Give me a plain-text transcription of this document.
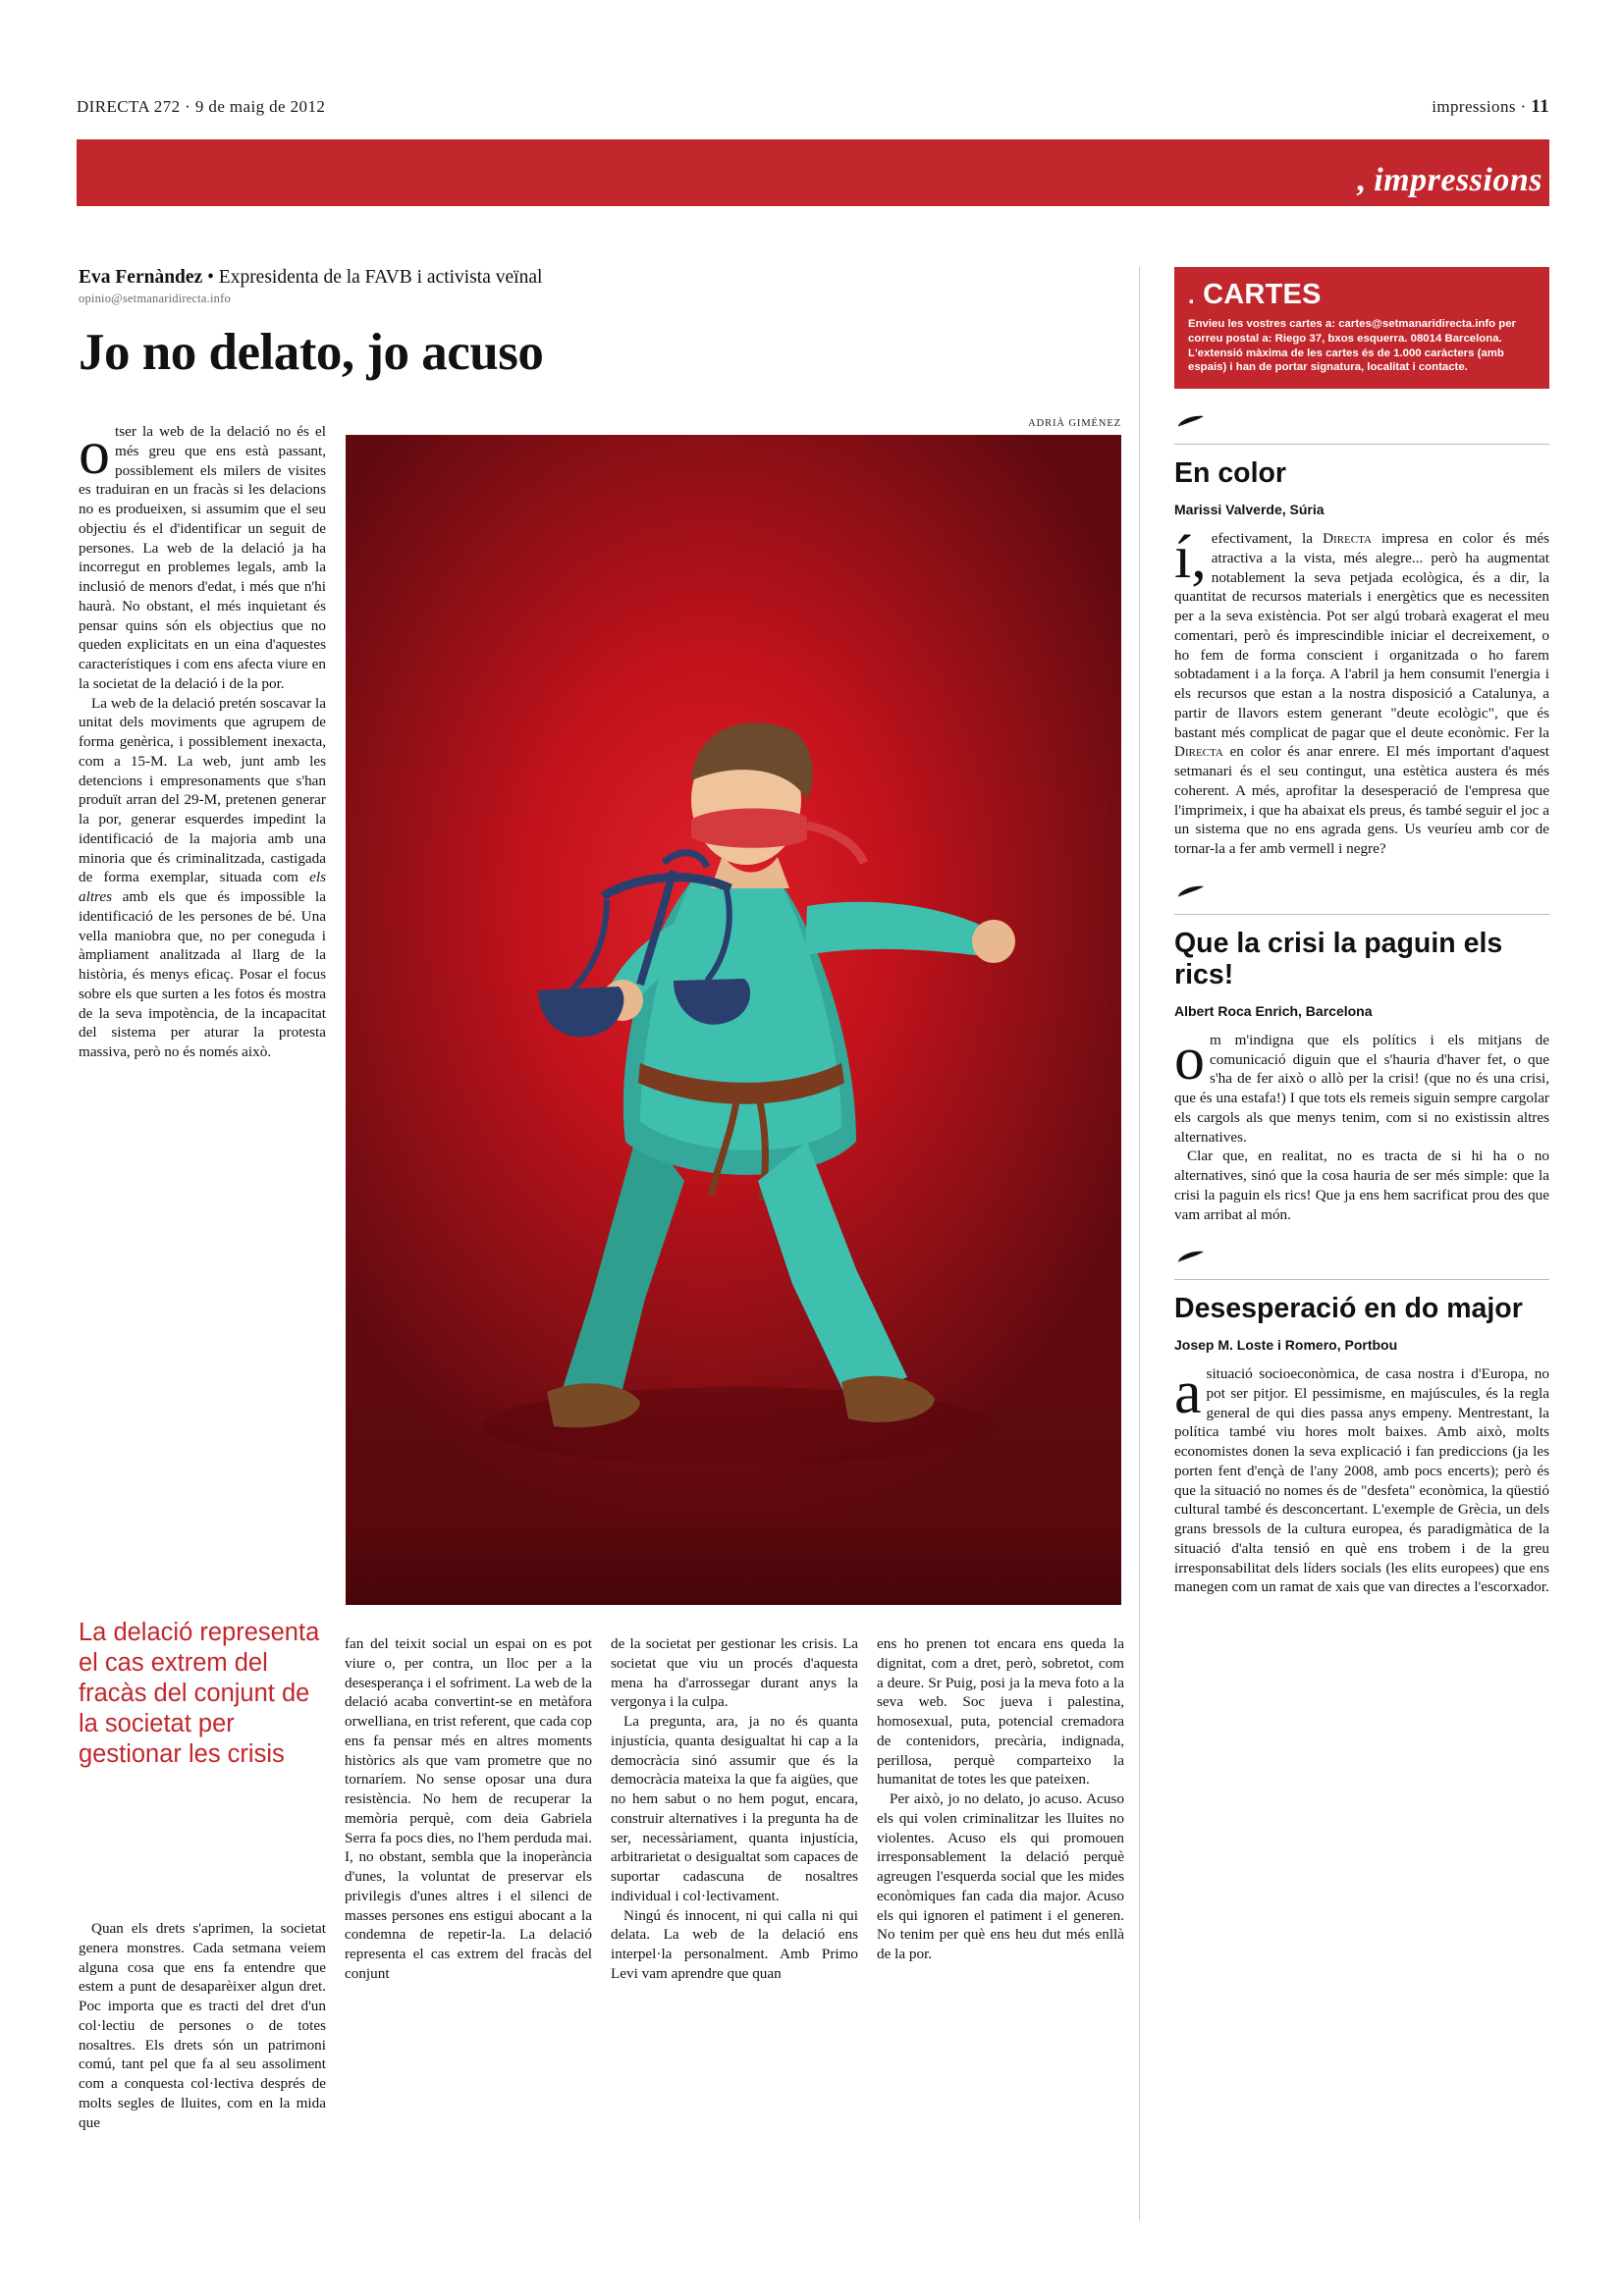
DIRECTA 272 · 9 de maig de 2012	impressions · 11
, impressions
Eva Fernàndez • Expresidenta de la FAVB i activista veïnal
opinio@setmanaridirecta.info
Jo no delato, jo acuso

otser la web de la delació no és el més greu que ens està passant, possiblement els milers de visites es traduiran en un fracàs si les delacions no es produeixen, si assumim que el seu objectiu és el d'identificar un seguit de persones. La web de la delació ja ha incorregut en problemes legals, amb la inclusió de menors d'edat, i més que n'hi haurà. No obstant, el més inquietant és pensar quins són els objectius que no queden explicitats en un eina d'aquestes característiques i com ens afecta viure en la societat de la delació i de la por.

La web de la delació pretén soscavar la unitat dels moviments que agrupem de forma genèrica, i possiblement inexacta, com a 15-M. La web, junt amb les detencions i empresonaments que s'han produït arran del 29-M, pretenen generar la por, generar esquerdes impedint la identificació de la majoria amb una minoria que és criminalitzada, castigada de forma exemplar, situada com els altres amb els que és impossible la identificació de les persones de bé. Una vella maniobra que, no per coneguda i àmpliament analitzada al llarg de la història, és menys eficaç. Posar el focus sobre els que surten a les fotos és mostra de la seva impotència, de la incapacitat del sistema per aturar la protesta massiva, però no és només això.

ADRIÀ GIMÉNEZ
La delació representa el cas extrem del fracàs del conjunt de la societat per gestionar les crisis

Quan els drets s'aprimen, la societat genera monstres. Cada setmana veiem alguna cosa que ens fa entendre que estem a punt de desaparèixer algun dret. Poc importa que es tracti del dret d'un col·lectiu de persones o de totes nosaltres. Els drets són un patrimoni comú, tant pel que fa al seu assoliment com a conquesta col·lectiva després de molts segles de lluites, com en la mida que

fan del teixit social un espai on es pot viure o, per contra, un lloc per a la desesperança i el sofriment. La web de la delació acaba convertint-se en metàfora orwelliana, en trist referent, que cada cop ens fa pensar més en altres moments històrics als que vam prometre que no tornaríem. No sense oposar una dura resistència. No hem de recuperar la memòria perquè, com deia Gabriela Serra fa pocs dies, no l'hem perduda mai. I, no obstant, sembla que la inoperància d'unes, la voluntat de preservar els privilegis d'unes altres i el silenci de masses persones ens estigui abocant a la condemna de repetir-la. La delació representa el cas extrem del fracàs del conjunt

de la societat per gestionar les crisis. La societat que viu un procés d'aquesta mena ha d'arrossegar durant anys la vergonya i la culpa.

La pregunta, ara, ja no és quanta injustícia, quanta desigualtat hi cap a la democràcia sinó assumir que és la democràcia mateixa la que fa aigües, que no hem sabut o no hem pogut, encara, construir alternatives i la pregunta ha de ser, necessàriament, quanta injustícia, arbitrarietat o desigualtat som capaces de suportar cadascuna de nosaltres individual i col·lectivament.

Ningú és innocent, ni qui calla ni qui delata. La web de la delació ens interpel·la personalment. Amb Primo Levi vam aprendre que quan

ens ho prenen tot encara ens queda la dignitat, com a dret, però, sobretot, com a deure. Sr Puig, posi ja la meva foto a la seva web. Soc jueva i palestina, homosexual, puta, potencial cremadora de contenidors, precària, indignada, perillosa, perquè comparteixo la humanitat de totes les que pateixen.

Per això, jo no delato, jo acuso. Acuso els qui volen criminalitzar les lluites no violentes. Acuso els qui promouen irresponsablement la delació perquè agreugen l'esquerda social que les mides econòmiques fan cada dia major. Acuso els qui ignoren el patiment i el generen. No tenim per què ens heu dut més enllà de la por.

. CARTES
Envieu les vostres cartes a: cartes@setmanaridirecta.info per correu postal a: Riego 37, bxos esquerra. 08014 Barcelona. L'extensió màxima de les cartes és de 1.000 caràcters (amb espais) i han de portar signatura, localitat i contacte.
En color
Marissi Valverde, Súria

í,efectivament, la Directa impresa en color és més atractiva a la vista, més alegre... però ha augmentat notablement la seva petjada ecològica, és a dir, la quantitat de recursos materials i energètics que es necessiten per a la seva existència. Pot ser algú trobarà exagerat el meu comentari, però és imprescindible iniciar el decreixement, o ho fem de forma conscient i organitzada o ho farem sobtadament i a la força. A l'abril ja hem consumit l'energia i els recursos que estan a la nostra disposició a Catalunya, a partir de llavors estem generant "deute ecològic", que és bastant més complicat de pagar que el deute econòmic. Fer la Directa en color és anar enrere. El més important d'aquest setmanari és el seu contingut, una estètica austera és més coherent. A més, aprofitar la desesperació de l'empresa que l'imprimeix, i que ha abaixat els preus, és també seguir el joc a un sistema que no ens agrada gens. Us veuríeu amb cor de tornar-la a fer amb vermell i negre?

Que la crisi la paguin els rics!
Albert Roca Enrich, Barcelona

om m'indigna que els polítics i els mitjans de comunicació diguin que el s'hauria d'haver fet, o que s'ha de fer això o allò per la crisi! (que no és una crisi, que és una estafa!) I que tots els remeis siguin sempre cargolar els cargols als que menys tenim, com si no existissin altres alternatives.

Clar que, en realitat, no es tracta de si hi ha o no alternatives, sinó que la cosa hauria de ser més simple: que la crisi la paguin els rics! Que ja ens hem sacrificat prou des que vam arribat al món.

Desesperació en do major
Josep M. Loste i Romero, Portbou

asituació socioeconòmica, de casa nostra i d'Europa, no pot ser pitjor. El pessimisme, en majúscules, és la regla general de qui dies passa anys empeny. Mentrestant, la política també viu hores molt baixes. Amb això, molts economistes donen la seva explicació i fan prediccions (ja les porten fent d'ençà de l'any 2008, amb pocs encerts); però és que la situació no nomes és de "desfeta" econòmica, la qüestió cultural també és desconcertant. L'exemple de Grècia, un dels grans bressols de la cultura europea, és paradigmàtica de la situació d'alta tensió en què ens trobem i de la greu irresponsabilitat dels líders socials (les elits europees) que ens manegen com un ramat de xais que van directes a l'escorxador.
